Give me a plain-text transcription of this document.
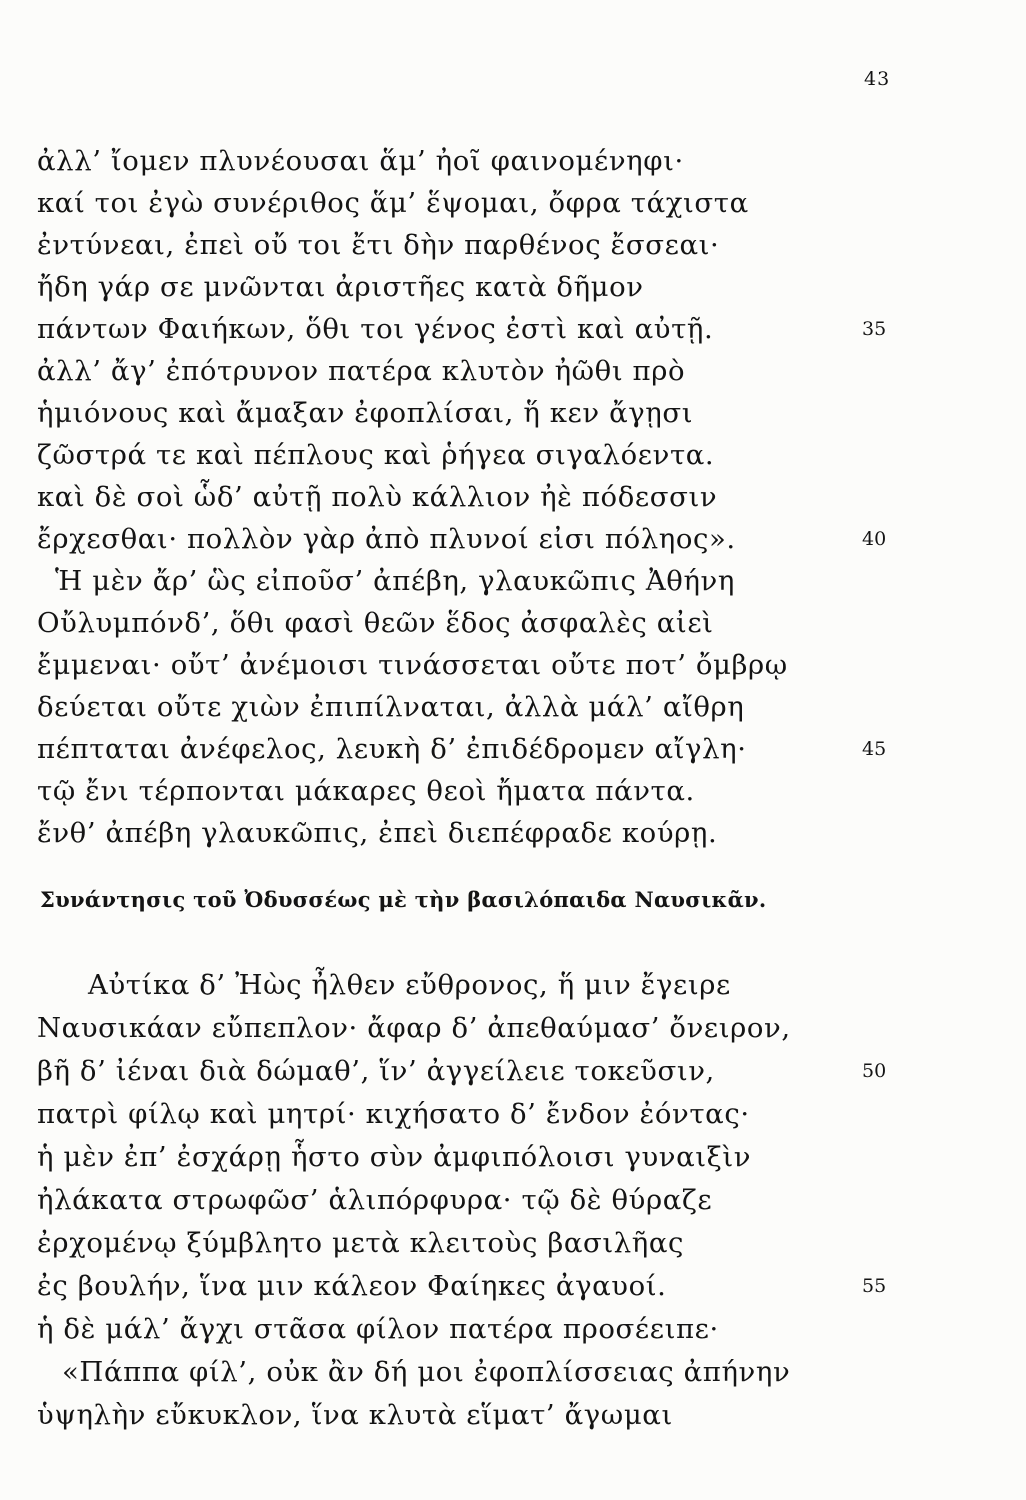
43
ἀλλ’ ἴομεν πλυνέουσαι ἅμ’ ἠοῖ φαινομένηφι·
καί τοι ἐγὼ συνέριθος ἅμ’ ἕψομαι, ὄφρα τάχιστα
ἐντύνεαι, ἐπεὶ οὔ τοι ἔτι δὴν παρθένος ἔσσεαι·
ἤδη γάρ σε μνῶνται ἀριστῆες κατὰ δῆμον
πάντων Φαιήκων, ὅθι τοι γένος ἐστὶ καὶ αὐτῇ.
ἀλλ’ ἄγ’ ἐπότρυνον πατέρα κλυτὸν ἠῶθι πρὸ
ἡμιόνους καὶ ἄμαξαν ἐφοπλίσαι, ἥ κεν ἄγῃσι
ζῶστρά τε καὶ πέπλους καὶ ῥήγεα σιγαλόεντα.
καὶ δὲ σοὶ ὧδ’ αὐτῇ πολὺ κάλλιον ἠὲ πόδεσσιν
ἔρχεσθαι· πολλὸν γὰρ ἀπὸ πλυνοί εἰσι πόληος».
Ἡ μὲν ἄρ’ ὣς εἰποῦσ’ ἀπέβη, γλαυκῶπις Ἀθήνη
Οὔλυμπόνδ’, ὅθι φασὶ θεῶν ἕδος ἀσφαλὲς αἰεὶ
ἔμμεναι· οὔτ’ ἀνέμοισι τινάσσεται οὔτε ποτ’ ὄμβρῳ
δεύεται οὔτε χιὼν ἐπιπίλναται, ἀλλὰ μάλ’ αἴθρη
πέπταται ἀνέφελος, λευκὴ δ’ ἐπιδέδρομεν αἴγλη·
τῷ ἔνι τέρπονται μάκαρες θεοὶ ἤματα πάντα.
ἔνθ’ ἀπέβη γλαυκῶπις, ἐπεὶ διεπέφραδε κούρῃ.
Συνάντησις τοῦ Ὀδυσσέως μὲ τὴν βασιλόπαιδα Ναυσικᾶν.
Αὐτίκα δ’ Ἠὼς ἦλθεν εὔθρονος, ἥ μιν ἔγειρε
Ναυσικάαν εὔπεπλον· ἄφαρ δ’ ἀπεθαύμασ’ ὄνειρον,
βῆ δ’ ἰέναι διὰ δώμαθ’, ἵν’ ἀγγείλειε τοκεῦσιν,
πατρὶ φίλῳ καὶ μητρί· κιχήσατο δ’ ἔνδον ἐόντας·
ἡ μὲν ἐπ’ ἐσχάρῃ ἧστο σὺν ἀμφιπόλοισι γυναιξὶν
ἠλάκατα στρωφῶσ’ ἁλιπόρφυρα· τῷ δὲ θύραζε
ἐρχομένῳ ξύμβλητο μετὰ κλειτοὺς βασιλῆας
ἐς βουλήν, ἵνα μιν κάλεον Φαίηκες ἀγαυοί.
ἡ δὲ μάλ’ ἄγχι στᾶσα φίλον πατέρα προσέειπε·
«Πάππα φίλ’, οὐκ ἂν δή μοι ἐφοπλίσσειας ἀπήνην
ὑψηλὴν εὔκυκλον, ἵνα κλυτὰ εἵματ’ ἄγωμαι
35
40
45
50
55
